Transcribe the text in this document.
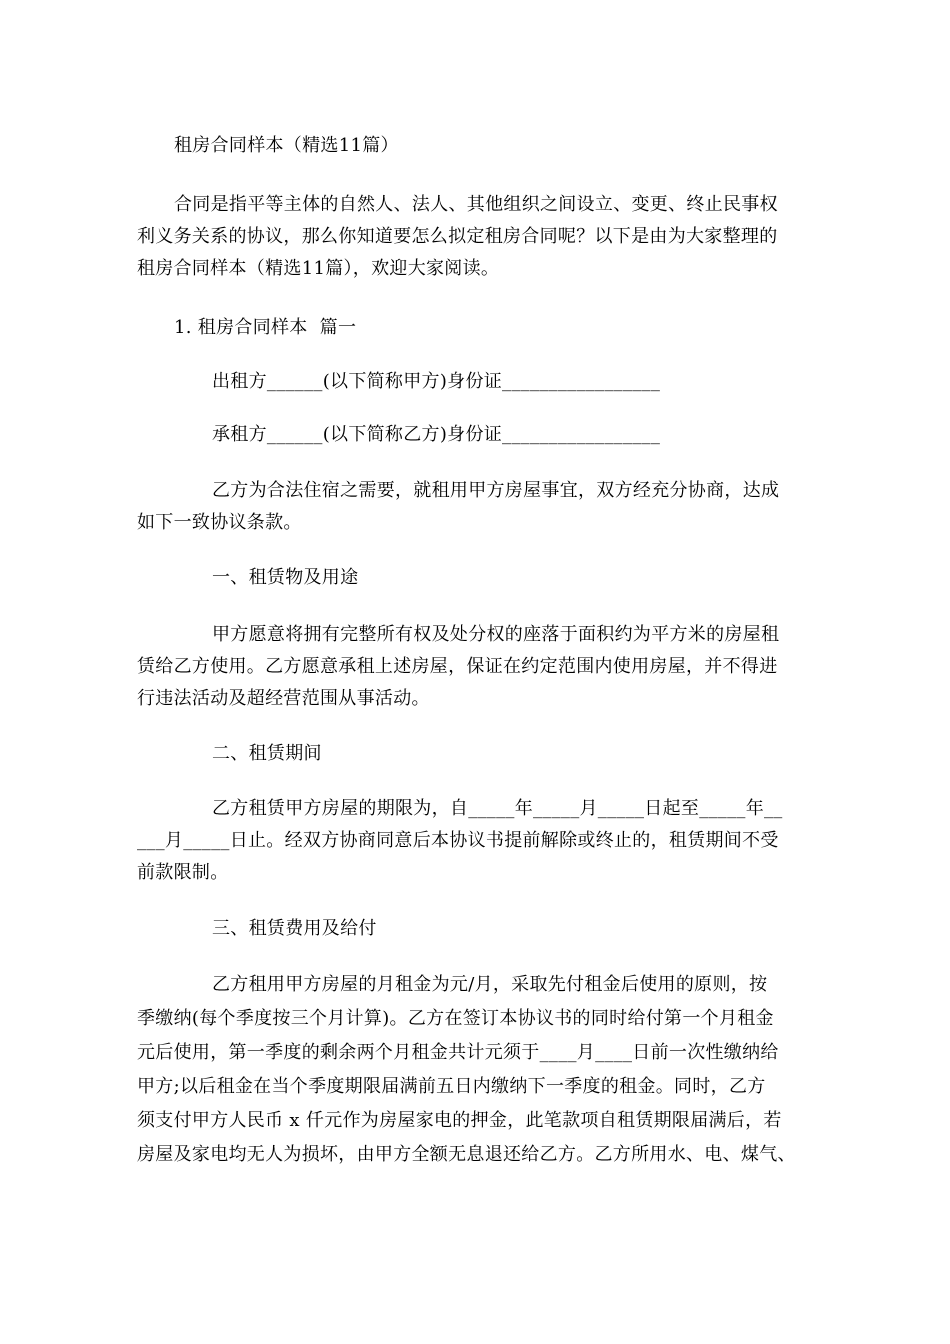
租房合同样本（精选11篇）
合同是指平等主体的自然人、法人、其他组织之间设立、变更、终止民事权
利义务关系的协议，那么你知道要怎么拟定租房合同呢？以下是由为大家整理的
租房合同样本（精选11篇），欢迎大家阅读。
1. 租房合同样本  篇一
出租方______(以下简称甲方)身份证_________________
承租方______(以下简称乙方)身份证_________________
乙方为合法住宿之需要，就租用甲方房屋事宜，双方经充分协商，达成
如下一致协议条款。
一、租赁物及用途
甲方愿意将拥有完整所有权及处分权的座落于面积约为平方米的房屋租
赁给乙方使用。乙方愿意承租上述房屋，保证在约定范围内使用房屋，并不得进
行违法活动及超经营范围从事活动。
二、租赁期间
乙方租赁甲方房屋的期限为，自_____年_____月_____日起至_____年__
___月_____日止。经双方协商同意后本协议书提前解除或终止的，租赁期间不受
前款限制。
三、租赁费用及给付
乙方租用甲方房屋的月租金为元/月，采取先付租金后使用的原则，按
季缴纳(每个季度按三个月计算)。乙方在签订本协议书的同时给付第一个月租金
元后使用，第一季度的剩余两个月租金共计元须于____月____日前一次性缴纳给
甲方;以后租金在当个季度期限届满前五日内缴纳下一季度的租金。同时，乙方
须支付甲方人民币 x 仟元作为房屋家电的押金，此笔款项自租赁期限届满后，若
房屋及家电均无人为损坏，由甲方全额无息退还给乙方。乙方所用水、电、煤气、
